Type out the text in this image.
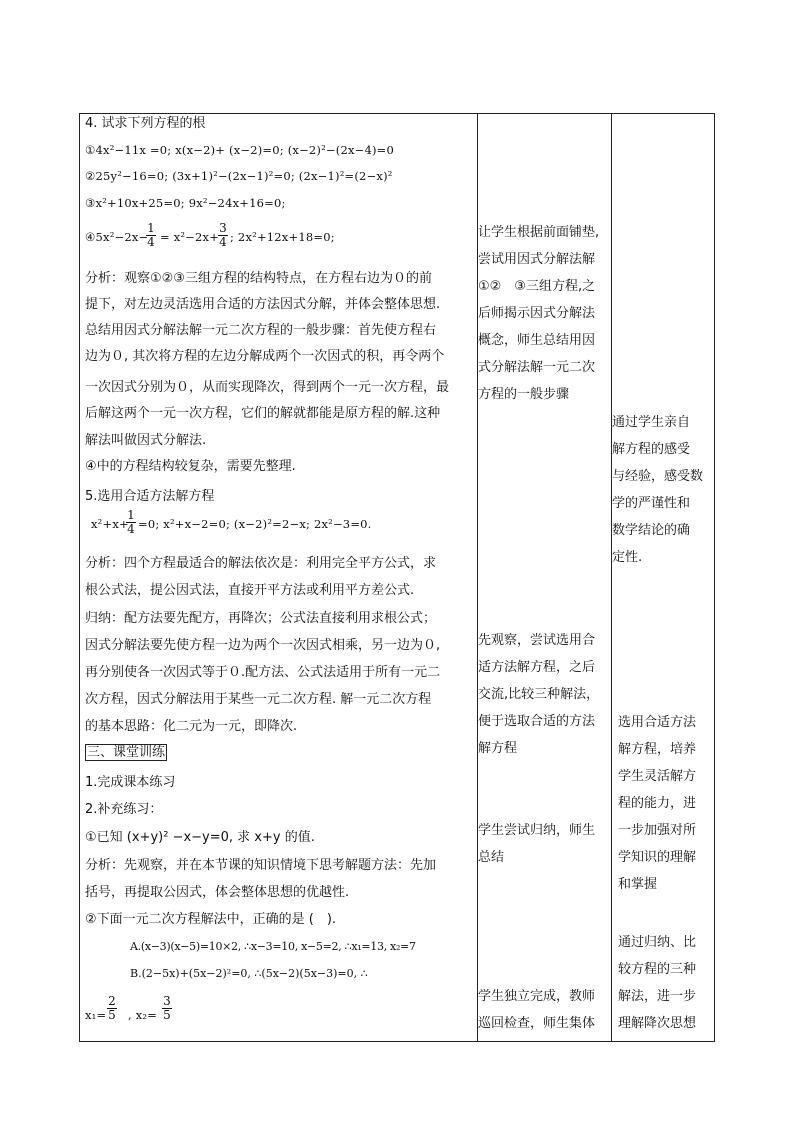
4. 试求下列方程的根
①4x²−11x =0; x(x−2)+ (x−2)=0; (x−2)²−(2x−4)=0
②25y²−16=0; (3x+1)²−(2x−1)²=0; (2x−1)²=(2−x)²
③x²+10x+25=0; 9x²−24x+16=0;
④5x²−2x−
1
4 = x²−2x+
3
4 ; 2x²+12x+18=0;
分析：观察①②③三组方程的结构特点，在方程右边为０的前
提下，对左边灵活选用合适的方法因式分解，并体会整体思想.
总结用因式分解法解一元二次方程的一般步骤：首先使方程右
边为０, 其次将方程的左边分解成两个一次因式的积，再令两个
一次因式分别为０，从而实现降次，得到两个一元一次方程，最
后解这两个一元一次方程，它们的解就都能是原方程的解.这种
解法叫做因式分解法.
④中的方程结构较复杂，需要先整理.
5.选用合适方法解方程
x²+x+
1
4 =0; x²+x−2=0; (x−2)²=2−x; 2x²−3=0.
分析：四个方程最适合的解法依次是：利用完全平方公式，求
根公式法，提公因式法，直接开平方法或利用平方差公式.
归纳：配方法要先配方，再降次；公式法直接利用求根公式；
因式分解法要先使方程一边为两个一次因式相乘，另一边为０,
再分别使各一次因式等于０.配方法、公式法适用于所有一元二
次方程，因式分解法用于某些一元二次方程. 解一元二次方程
的基本思路：化二元为一元，即降次.
三、课堂训练
1.完成课本练习
2.补充练习：
①已知 (x+y)² −x−y=0, 求 x+y 的值.
分析：先观察，并在本节课的知识情境下思考解题方法：先加
括号，再提取公因式，体会整体思想的优越性.
②下面一元二次方程解法中，正确的是 (　).
A.(x−3)(x−5)=10×2, ∴x−3=10, x−5=2, ∴x₁=13, x₂=7
B.(2−5x)+(5x−2)²=0, ∴(5x−2)(5x−3)=0, ∴
x₁=
2
5 , x₂=
3
5
让学生根据前面铺垫,
尝试用因式分解法解
①②　③三组方程,之
后师揭示因式分解法
概念，师生总结用因
式分解法解一元二次
方程的一般步骤
先观察，尝试选用合
适方法解方程，之后
交流,比较三种解法，
便于选取合适的方法
解方程
学生尝试归纳，师生
总结
学生独立完成，教师
巡回检查，师生集体
通过学生亲自
解方程的感受
与经验，感受数
学的严谨性和
数学结论的确
定性.
选用合适方法
解方程，培养
学生灵活解方
程的能力，进
一步加强对所
学知识的理解
和掌握
通过归纳、比
较方程的三种
解法，进一步
理解降次思想
